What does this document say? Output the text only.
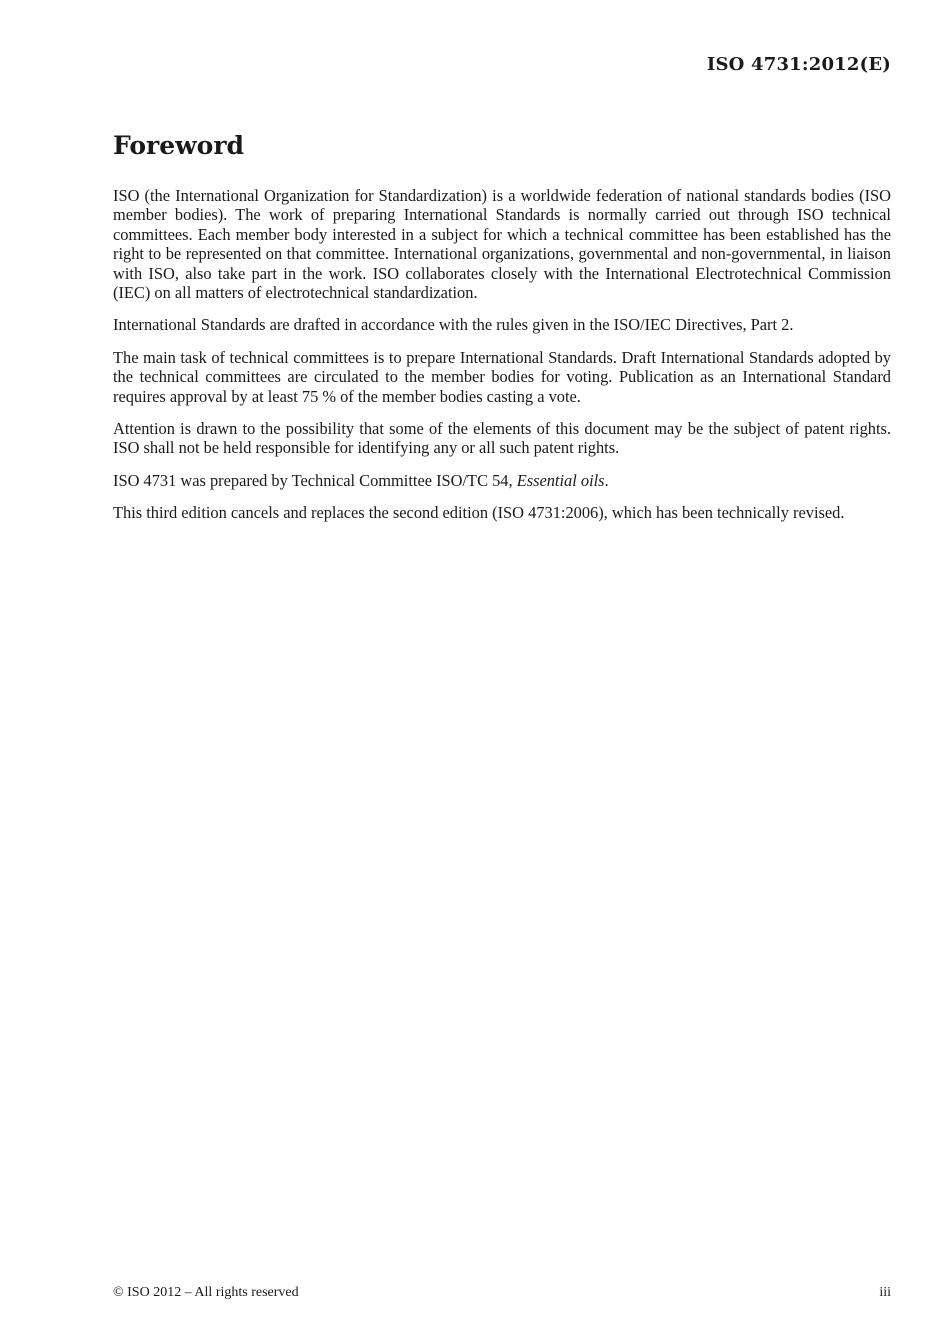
ISO 4731:2012(E)
Foreword

ISO (the International Organization for Standardization) is a worldwide federation of national standards bodies (ISO member bodies). The work of preparing International Standards is normally carried out through ISO technical committees. Each member body interested in a subject for which a technical committee has been established has the right to be represented on that committee. International organizations, governmental and non-governmental, in liaison with ISO, also take part in the work. ISO collaborates closely with the International Electrotechnical Commission (IEC) on all matters of electrotechnical standardization.

International Standards are drafted in accordance with the rules given in the ISO/IEC Directives, Part 2.

The main task of technical committees is to prepare International Standards. Draft International Standards adopted by the technical committees are circulated to the member bodies for voting. Publication as an International Standard requires approval by at least 75 % of the member bodies casting a vote.

Attention is drawn to the possibility that some of the elements of this document may be the subject of patent rights. ISO shall not be held responsible for identifying any or all such patent rights.

ISO 4731 was prepared by Technical Committee ISO/TC 54, Essential oils.

This third edition cancels and replaces the second edition (ISO 4731:2006), which has been technically revised.

© ISO 2012 – All rights reserved	iii
